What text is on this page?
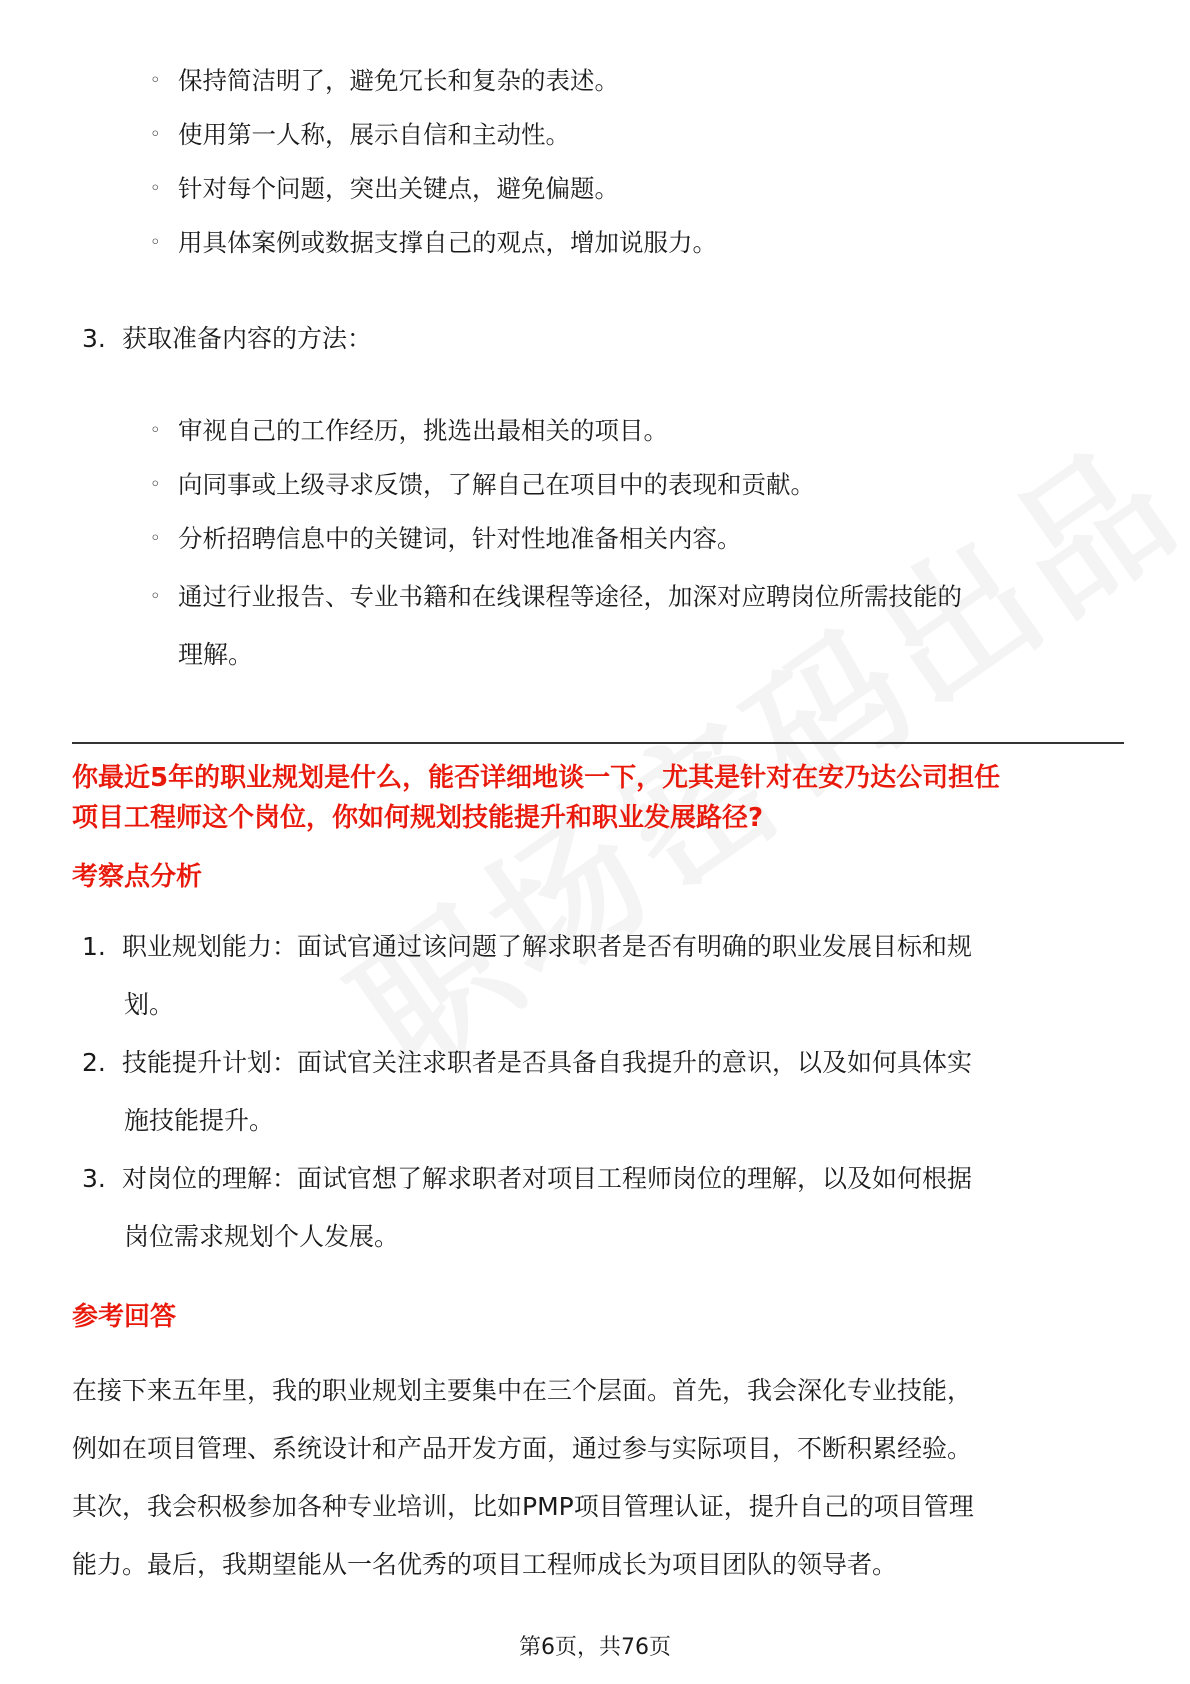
◦ 保持简洁明了，避免冗长和复杂的表述。
◦ 使用第一人称，展示自信和主动性。
◦ 针对每个问题，突出关键点，避免偏题。
◦ 用具体案例或数据支撑自己的观点，增加说服力。
3. 获取准备内容的方法：
◦ 审视自己的工作经历，挑选出最相关的项目。
◦ 向同事或上级寻求反馈，了解自己在项目中的表现和贡献。
◦ 分析招聘信息中的关键词，针对性地准备相关内容。
◦ 通过行业报告、专业书籍和在线课程等途径，加深对应聘岗位所需技能的
理解。
你最近5年的职业规划是什么，能否详细地谈一下，尤其是针对在安乃达公司担任
项目工程师这个岗位，你如何规划技能提升和职业发展路径?
考察点分析
1. 职业规划能力：面试官通过该问题了解求职者是否有明确的职业发展目标和规
划。
2. 技能提升计划：面试官关注求职者是否具备自我提升的意识，以及如何具体实
施技能提升。
3. 对岗位的理解：面试官想了解求职者对项目工程师岗位的理解，以及如何根据
岗位需求规划个人发展。
参考回答
在接下来五年里，我的职业规划主要集中在三个层面。首先，我会深化专业技能，
例如在项目管理、系统设计和产品开发方面，通过参与实际项目，不断积累经验。
其次，我会积极参加各种专业培训，比如PMP项目管理认证，提升自己的项目管理
能力。最后，我期望能从一名优秀的项目工程师成长为项目团队的领导者。
第6页，共76页
